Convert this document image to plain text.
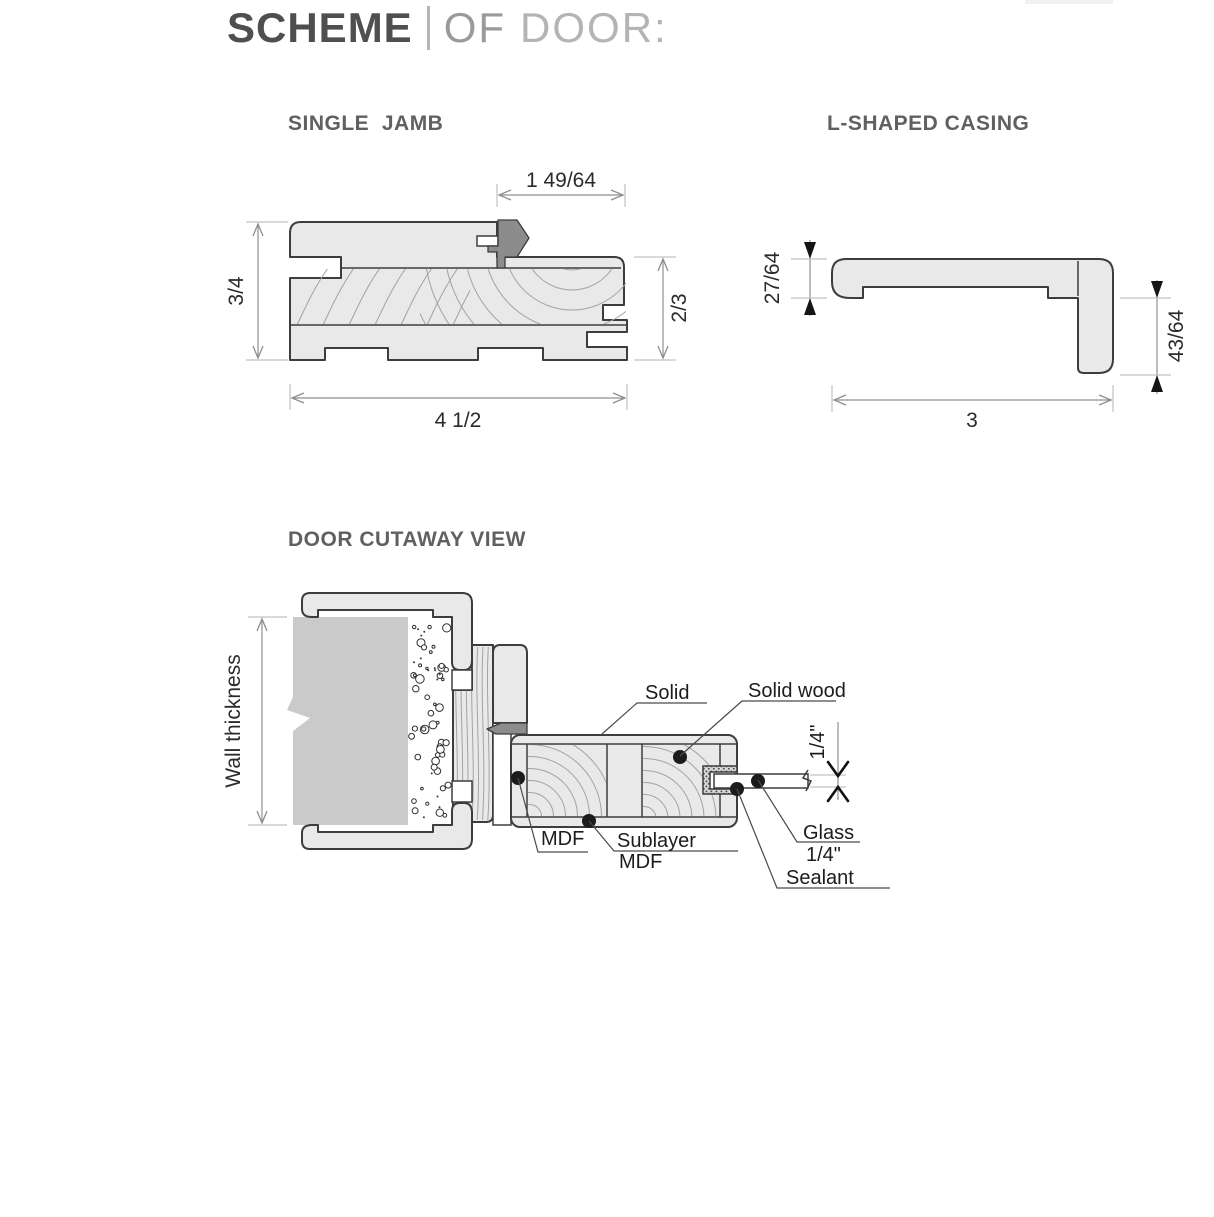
SCHEME OF DOOR:
SINGLE  JAMB	L-SHAPED CASING
DOOR CUTAWAY VIEW
1 49/64
3/4
2/3
4 1/2
27/64
43/64
3
1/4"
Wall thickness	Solid	Solid wood
MDF Sublayer
MDF
Glass
1/4"
Sealant
